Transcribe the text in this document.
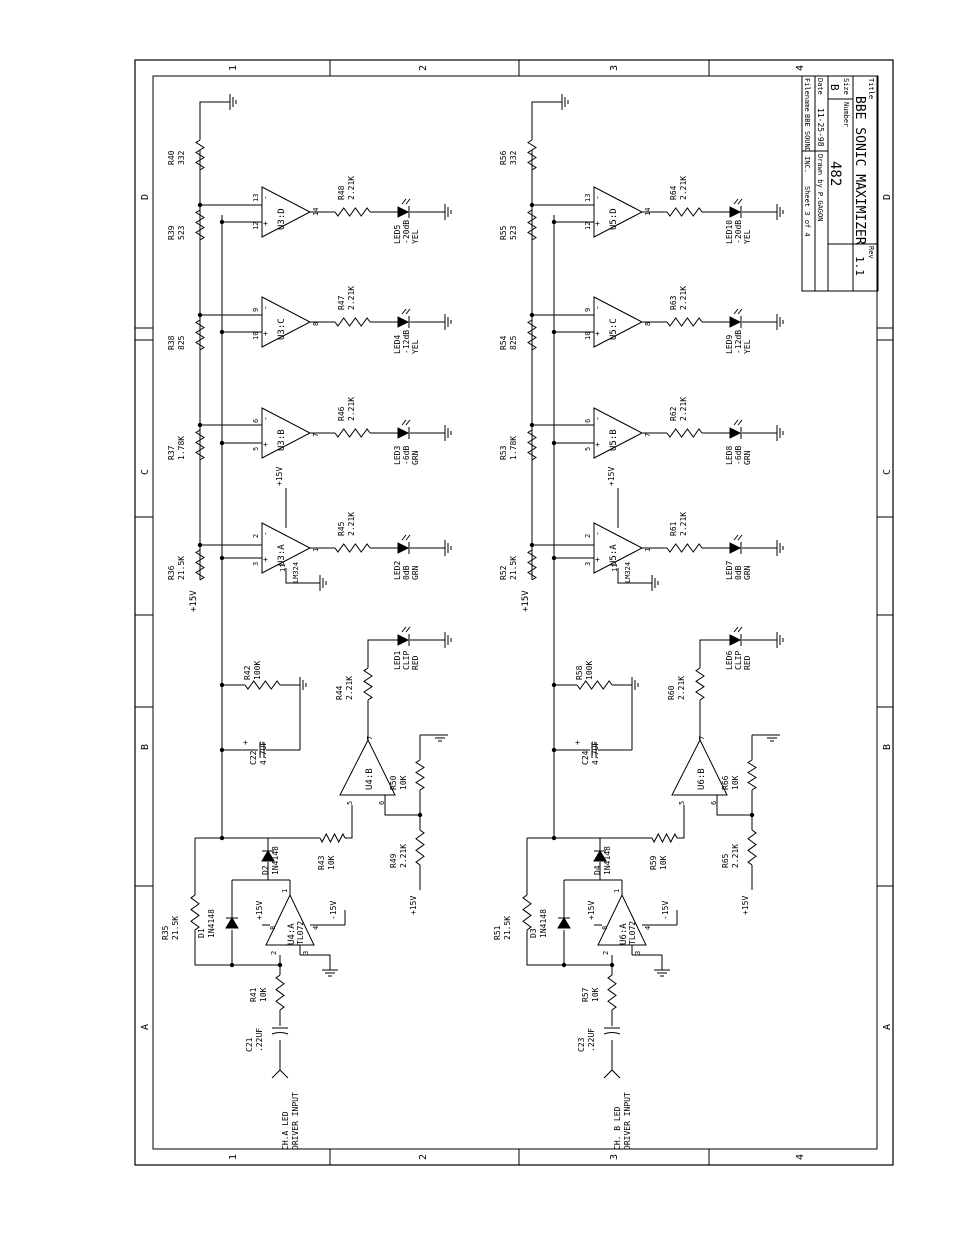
1	2	3	4
1	2	3	4
A
B
C
D
A
B
C
D
Title
BBE SONIC MAXIMIZER
Size
B
Number
482
Rev
1.1
Date
11-25-98
Drawn by P.GAGON
Filename
BBE SOUND INC.
Sheet 3 of 4
CH.A LED DRIVER INPUT
C21 .22UF
R41 10K
R35 21.5K D1 1N4148	U4:A TL072
2	3
1
8	4
+15V	-15V
D2 1N4148
+
C22 4.7UF
R42 100K
R43 10K
U4:B
5	6
7
R50 10K
R49 2.21K
+15V
R44 2.21K
LED1 CLIP RED
+15V
R40 332
R36 21.5K
U3:A
LM324
2
3
1
-
+
11
+15V
R45 2.21K
LED2 0dB GRN
R37 1.78K	U3:B
6
5
7
-
+
R46 2.21K
LED3 -6dB GRN
R38 825
U3:C
9
10
8
-
+
R47 2.21K
LED4 -12dB YEL
R39 523
U3:D
13
12
14
-
+
R48 2.21K
LED5 -20dB YEL
CH. B LED DRIVER INPUT
C23 .22UF
R57 10K
R51 21.5K D3 1N4148	U6:A TL072
2	3
1
8	4
+15V	-15V
D4 1N4148
+
C24 4.7UF
R58 100K
R59 10K
U6:B
5	6
7
R66 10K
R65 2.21K
+15V
R60 2.21K
LED6 CLIP RED
+15V
R56 332
R52 21.5K
U5:A
LM324
2
3
1
-
+
11
+15V
R61 2.21K
LED7 0dB GRN
R53 1.78K	U5:B
6
5
7
-
+
R62 2.21K
LED8 -6dB GRN
R54 825
U5:C
9
10
8
-
+
R63 2.21K
LED9 -12dB YEL
R55 523
U5:D
13
12
14
-
+
R64 2.21K
LED10 -20dB YEL
